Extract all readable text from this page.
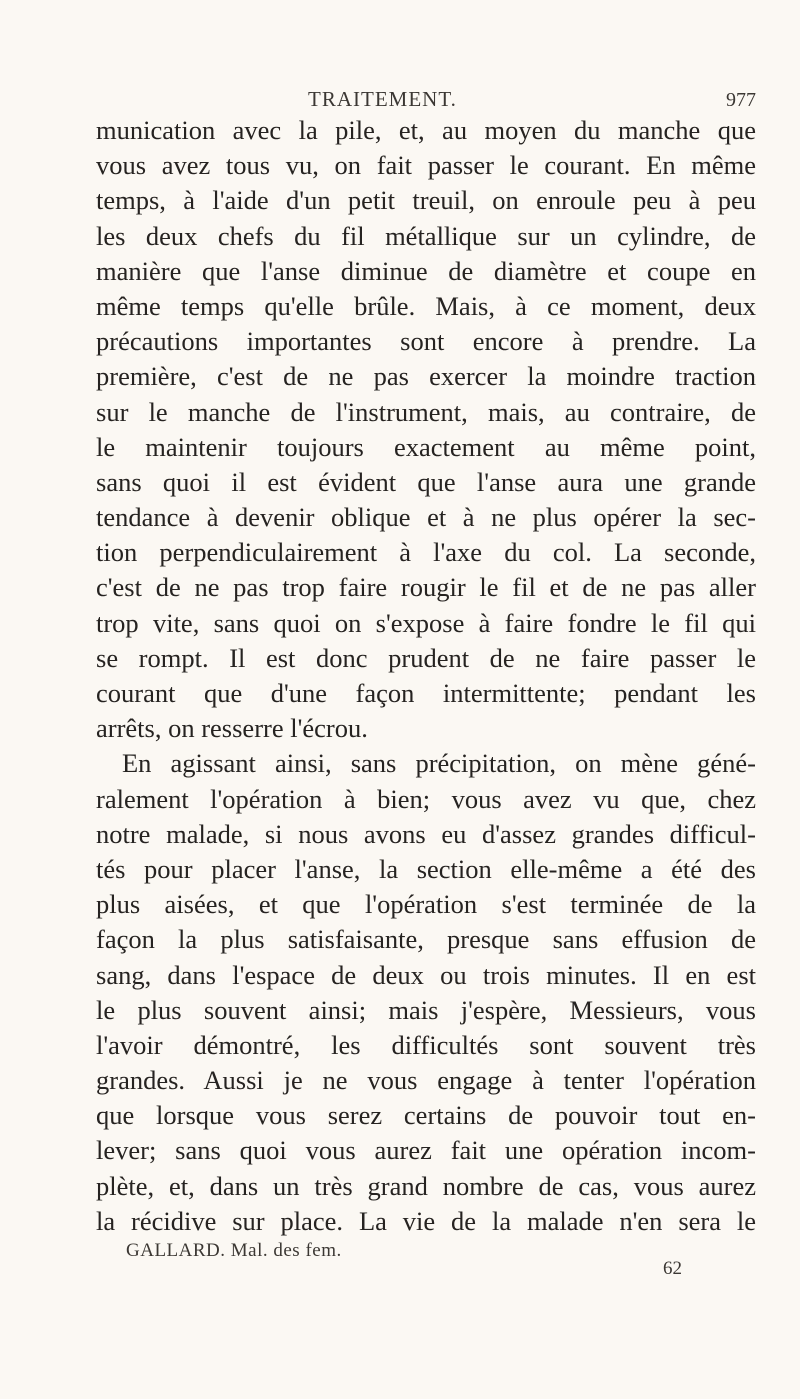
TRAITEMENT.	977
munication avec la pile, et, au moyen du manche que
vous avez tous vu, on fait passer le courant. En même
temps, à l'aide d'un petit treuil, on enroule peu à peu
les deux chefs du fil métallique sur un cylindre, de
manière que l'anse diminue de diamètre et coupe en
même temps qu'elle brûle. Mais, à ce moment, deux
précautions importantes sont encore à prendre. La
première, c'est de ne pas exercer la moindre traction
sur le manche de l'instrument, mais, au contraire, de
le maintenir toujours exactement au même point,
sans quoi il est évident que l'anse aura une grande
tendance à devenir oblique et à ne plus opérer la sec-
tion perpendiculairement à l'axe du col. La seconde,
c'est de ne pas trop faire rougir le fil et de ne pas aller
trop vite, sans quoi on s'expose à faire fondre le fil qui
se rompt. Il est donc prudent de ne faire passer le
courant que d'une façon intermittente; pendant les
arrêts, on resserre l'écrou.
En agissant ainsi, sans précipitation, on mène géné-
ralement l'opération à bien; vous avez vu que, chez
notre malade, si nous avons eu d'assez grandes difficul-
tés pour placer l'anse, la section elle-même a été des
plus aisées, et que l'opération s'est terminée de la
façon la plus satisfaisante, presque sans effusion de
sang, dans l'espace de deux ou trois minutes. Il en est
le plus souvent ainsi; mais j'espère, Messieurs, vous
l'avoir démontré, les difficultés sont souvent très
grandes. Aussi je ne vous engage à tenter l'opération
que lorsque vous serez certains de pouvoir tout en-
lever; sans quoi vous aurez fait une opération incom-
plète, et, dans un très grand nombre de cas, vous aurez
la récidive sur place. La vie de la malade n'en sera le
GALLARD. Mal. des fem.
62
